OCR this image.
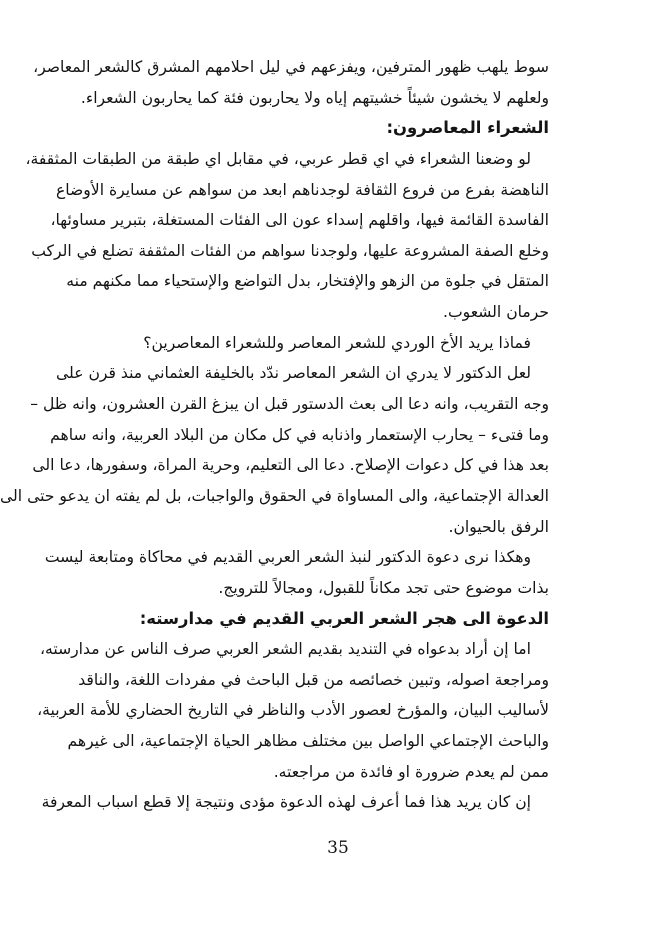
سوط يلهب ظهور المترفين، ويفزعهم في ليل احلامهم المشرق كالشعر المعاصر،
ولعلهم لا يخشون شيئاً خشيتهم إياه ولا يحاربون فئة كما يحاربون الشعراء.
الشعراء المعاصرون:
لو وضعنا الشعراء في اي قطر عربي، في مقابل اي طبقة من الطبقات المثقفة،
الناهضة بفرع من فروع الثقافة لوجدناهم ابعد من سواهم عن مسايرة الأوضاع
الفاسدة القائمة فيها، واقلهم إسداء عون الى الفئات المستغلة، بتبرير مساوئها،
وخلع الصفة المشروعة عليها، ولوجدنا سواهم من الفئات المثقفة تضلع في الركب
المتقل في جلوة من الزهو والإفتخار، بدل التواضع والإستحياء مما مكنهم منه
حرمان الشعوب.
فماذا يريد الأخ الوردي للشعر المعاصر وللشعراء المعاصرين؟
لعل الدكتور لا يدري ان الشعر المعاصر ندّد بالخليفة العثماني منذ قرن على
وجه التقريب، وانه دعا الى بعث الدستور قبل ان يبزغ القرن العشرون، وانه ظل –
وما فتىء – يحارب الإستعمار واذنابه في كل مكان من البلاد العربية، وانه ساهم
بعد هذا في كل دعوات الإصلاح. دعا الى التعليم، وحرية المراة، وسفورها، دعا الى
العدالة الإجتماعية، والى المساواة في الحقوق والواجبات، بل لم يفته ان يدعو حتى الى
الرفق بالحيوان.
وهكذا نرى دعوة الدكتور لنبذ الشعر العربي القديم في محاكاة ومتابعة ليست
بذات موضوع حتى تجد مكاناً للقبول، ومجالاً للترويج.
الدعوة الى هجر الشعر العربي القديم في مدارسته:
اما إن أراد بدعواه في التنديد بقديم الشعر العربي صرف الناس عن مدارسته،
ومراجعة اصوله، وتبين خصائصه من قبل الباحث في مفردات اللغة، والناقد
لأساليب البيان، والمؤرخ لعصور الأدب والناظر في التاريخ الحضاري للأمة العربية،
والباحث الإجتماعي الواصل بين مختلف مظاهر الحياة الإجتماعية، الى غيرهم
ممن لم يعدم ضرورة او فائدة من مراجعته.
إن كان يريد هذا فما أعرف لهذه الدعوة مؤدى ونتيجة إلا قطع اسباب المعرفة
35
